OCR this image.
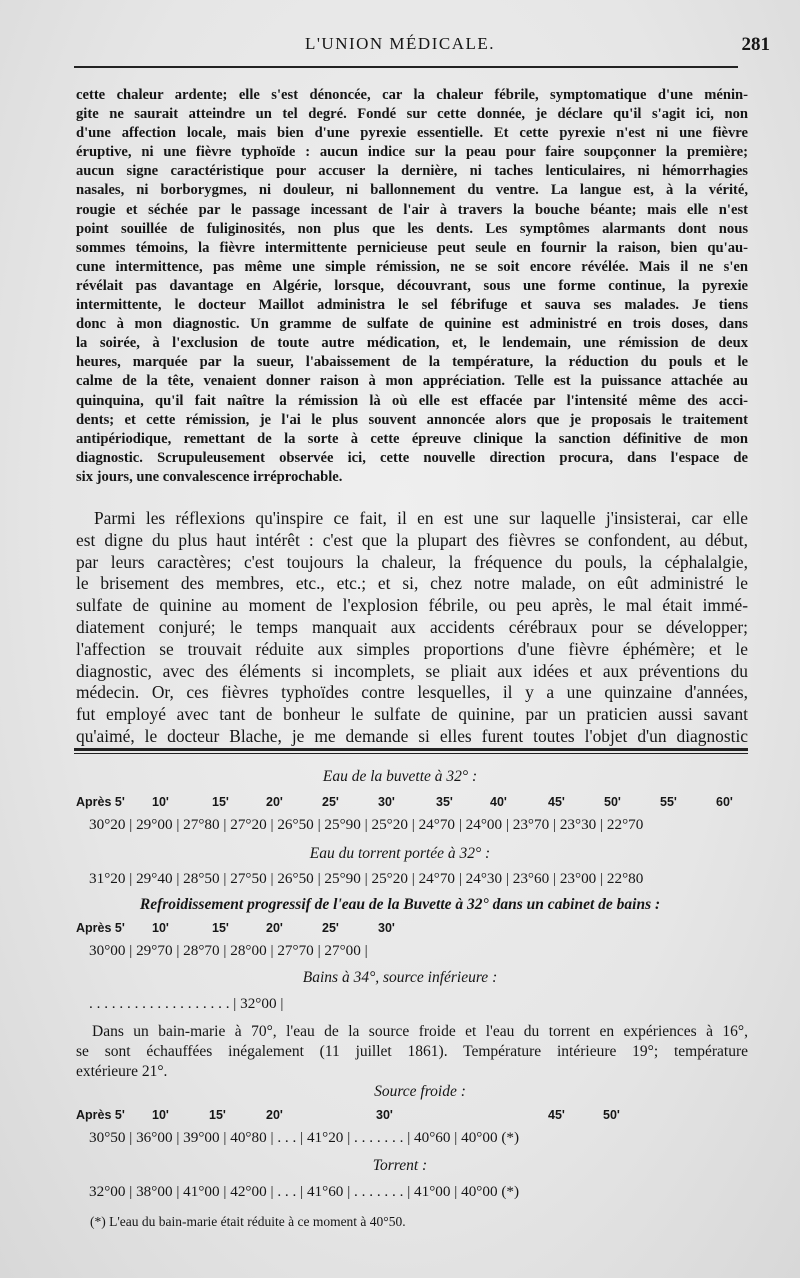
L'UNION MÉDICALE.	281
cette chaleur ardente; elle s'est dénoncée, car la chaleur fébrile, symptomatique d'une ménin-
gite ne saurait atteindre un tel degré. Fondé sur cette donnée, je déclare qu'il s'agit ici, non
d'une affection locale, mais bien d'une pyrexie essentielle. Et cette pyrexie n'est ni une fièvre
éruptive, ni une fièvre typhoïde : aucun indice sur la peau pour faire soupçonner la première;
aucun signe caractéristique pour accuser la dernière, ni taches lenticulaires, ni hémorrhagies
nasales, ni borborygmes, ni douleur, ni ballonnement du ventre. La langue est, à la vérité,
rougie et séchée par le passage incessant de l'air à travers la bouche béante; mais elle n'est
point souillée de fuliginosités, non plus que les dents. Les symptômes alarmants dont nous
sommes témoins, la fièvre intermittente pernicieuse peut seule en fournir la raison, bien qu'au-
cune intermittence, pas même une simple rémission, ne se soit encore révélée. Mais il ne s'en
révélait pas davantage en Algérie, lorsque, découvrant, sous une forme continue, la pyrexie
intermittente, le docteur Maillot administra le sel fébrifuge et sauva ses malades. Je tiens
donc à mon diagnostic. Un gramme de sulfate de quinine est administré en trois doses, dans
la soirée, à l'exclusion de toute autre médication, et, le lendemain, une rémission de deux
heures, marquée par la sueur, l'abaissement de la température, la réduction du pouls et le
calme de la tête, venaient donner raison à mon appréciation. Telle est la puissance attachée au
quinquina, qu'il fait naître la rémission là où elle est effacée par l'intensité même des acci-
dents; et cette rémission, je l'ai le plus souvent annoncée alors que je proposais le traitement
antipériodique, remettant de la sorte à cette épreuve clinique la sanction définitive de mon
diagnostic. Scrupuleusement observée ici, cette nouvelle direction procura, dans l'espace de
six jours, une convalescence irréprochable.
Parmi les réflexions qu'inspire ce fait, il en est une sur laquelle j'insisterai, car elle
est digne du plus haut intérêt : c'est que la plupart des fièvres se confondent, au début,
par leurs caractères; c'est toujours la chaleur, la fréquence du pouls, la céphalalgie,
le brisement des membres, etc., etc.; et si, chez notre malade, on eût administré le
sulfate de quinine au moment de l'explosion fébrile, ou peu après, le mal était immé-
diatement conjuré; le temps manquait aux accidents cérébraux pour se développer;
l'affection se trouvait réduite aux simples proportions d'une fièvre éphémère; et le
diagnostic, avec des éléments si incomplets, se pliait aux idées et aux préventions du
médecin. Or, ces fièvres typhoïdes contre lesquelles, il y a une quinzaine d'années,
fut employé avec tant de bonheur le sulfate de quinine, par un praticien aussi savant
qu'aimé, le docteur Blache, je me demande si elles furent toutes l'objet d'un diagnostic
Eau de la buvette à 32° :
Après 5' 10'	15'	20'	25'	30'	35'	40'	45'	50'	55'	60'
30°20 | 29°00 | 27°80 | 27°20 | 26°50 | 25°90 | 25°20 | 24°70 | 24°00 | 23°70 | 23°30 | 22°70
Eau du torrent portée à 32° :
31°20 | 29°40 | 28°50 | 27°50 | 26°50 | 25°90 | 25°20 | 24°70 | 24°30 | 23°60 | 23°00 | 22°80
Refroidissement progressif de l'eau de la Buvette à 32° dans un cabinet de bains :
Après 5' 10'	15'	20'	25'	30'
30°00 | 29°70 | 28°70 | 28°00 | 27°70 | 27°00 |
Bains à 34°, source inférieure :
. . . . . . . . . . . . . . . . . . . | 32°00 |
Dans un bain-marie à 70°, l'eau de la source froide et l'eau du torrent en expériences à 16°,
se sont échauffées inégalement (11 juillet 1861). Température intérieure 19°; température
extérieure 21°.
Source froide :
Après 5' 10'	15'	20'	30'	45'	50'
30°50 | 36°00 | 39°00 | 40°80 | . . . | 41°20 | . . . . . . . | 40°60 | 40°00 (*)
Torrent :
32°00 | 38°00 | 41°00 | 42°00 | . . . | 41°60 | . . . . . . . | 41°00 | 40°00 (*)
(*) L'eau du bain-marie était réduite à ce moment à 40°50.
